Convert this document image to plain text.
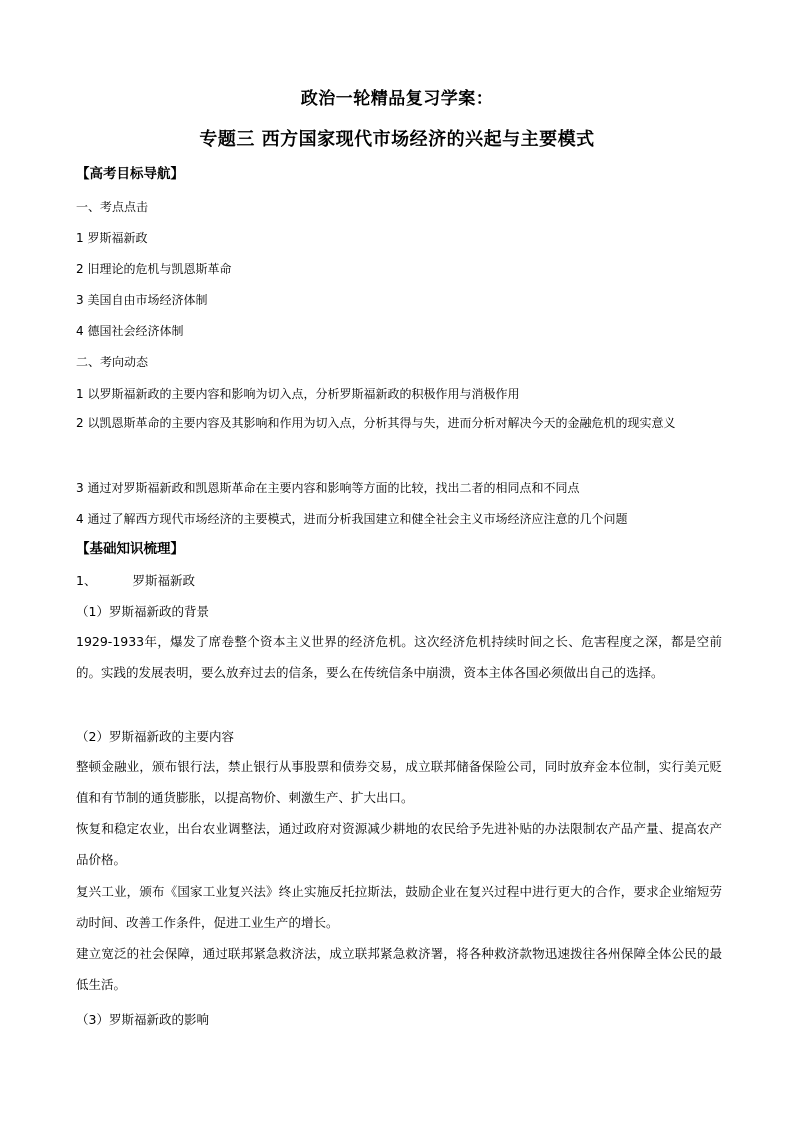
政治一轮精品复习学案：
专题三 西方国家现代市场经济的兴起与主要模式
【高考目标导航】
一、考点点击
1 罗斯福新政
2 旧理论的危机与凯恩斯革命
3 美国自由市场经济体制
4 德国社会经济体制
二、考向动态
1 以罗斯福新政的主要内容和影响为切入点，分析罗斯福新政的积极作用与消极作用
2 以凯恩斯革命的主要内容及其影响和作用为切入点，分析其得与失，进而分析对解决今天的金融危机的现实意义
3 通过对罗斯福新政和凯恩斯革命在主要内容和影响等方面的比较，找出二者的相同点和不同点
4 通过了解西方现代市场经济的主要模式，进而分析我国建立和健全社会主义市场经济应注意的几个问题
【基础知识梳理】
1、	罗斯福新政
（1）罗斯福新政的背景
1929-1933年，爆发了席卷整个资本主义世界的经济危机。这次经济危机持续时间之长、危害程度之深，都是空前的。实践的发展表明，要么放弃过去的信条，要么在传统信条中崩溃，资本主体各国必须做出自己的选择。
（2）罗斯福新政的主要内容
整顿金融业，颁布银行法，禁止银行从事股票和债券交易，成立联邦储备保险公司，同时放弃金本位制，实行美元贬值和有节制的通货膨胀，以提高物价、刺激生产、扩大出口。
恢复和稳定农业，出台农业调整法，通过政府对资源减少耕地的农民给予先进补贴的办法限制农产品产量、提高农产品价格。
复兴工业，颁布《国家工业复兴法》终止实施反托拉斯法，鼓励企业在复兴过程中进行更大的合作，要求企业缩短劳动时间、改善工作条件，促进工业生产的增长。
建立宽泛的社会保障，通过联邦紧急救济法，成立联邦紧急救济署，将各种救济款物迅速拨往各州保障全体公民的最低生活。
（3）罗斯福新政的影响
